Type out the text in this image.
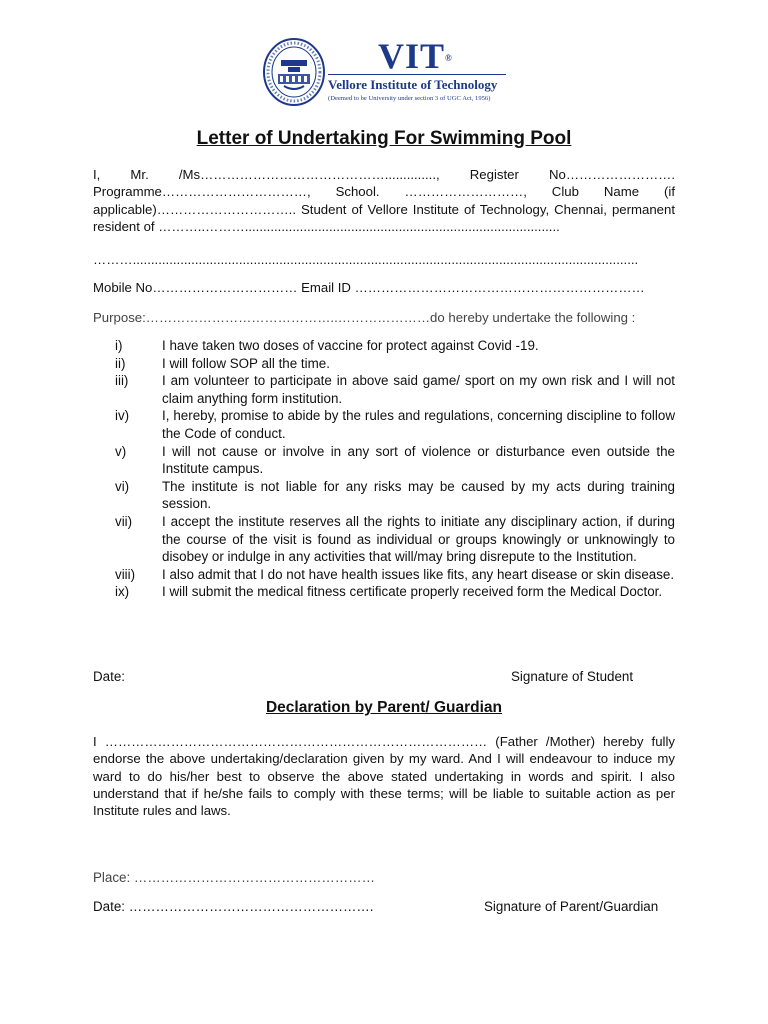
VIT ®
Vellore Institute of Technology
(Deemed to be University under section 3 of UGC Act, 1956)
Letter of Undertaking For Swimming Pool
I, Mr. /Ms…………………………………….............., Register No……………………. Programme……………………………, School. ………………………, Club Name (if applicable)………………………….. Student of Vellore Institute of Technology, Chennai, permanent resident of ………..………......................................................................................
………..........................................................................................................................................
Mobile No…………………………… Email ID …………………………………………………………
Purpose:……………………………………..…………………do hereby undertake the following :
i)	I have taken two doses of vaccine for protect against Covid -19.
ii)	I will follow SOP all the time.
iii)	I am volunteer to participate in above said game/ sport on my own risk and I will not claim anything form institution.
iv)	I, hereby, promise to abide by the rules and regulations, concerning discipline to follow the Code of conduct.
v)	I will not cause or involve in any sort of violence or disturbance even outside the Institute campus.
vi)	The institute is not liable for any risks may be caused by my acts during training session.
vii)	I accept the institute reserves all the rights to initiate any disciplinary action, if during the course of the visit is found as individual or groups knowingly or unknowingly to disobey or indulge in any activities that will/may bring disrepute to the Institution.
viii)	I also admit that I do not have health issues like fits, any heart disease or skin disease.
ix)	I will submit the medical fitness certificate properly received form the Medical Doctor.
Date:	Signature of Student
Declaration by Parent/ Guardian
I …………………………………………………………………………… (Father /Mother) hereby fully endorse the above undertaking/declaration given by my ward. And I will endeavour to induce my ward to do his/her best to observe the above stated undertaking in words and spirit. I also understand that if he/she fails to comply with these terms; will be liable to suitable action as per Institute rules and laws.
Place: ………………………………………………
Date: ……………………………………………….	Signature of Parent/Guardian
